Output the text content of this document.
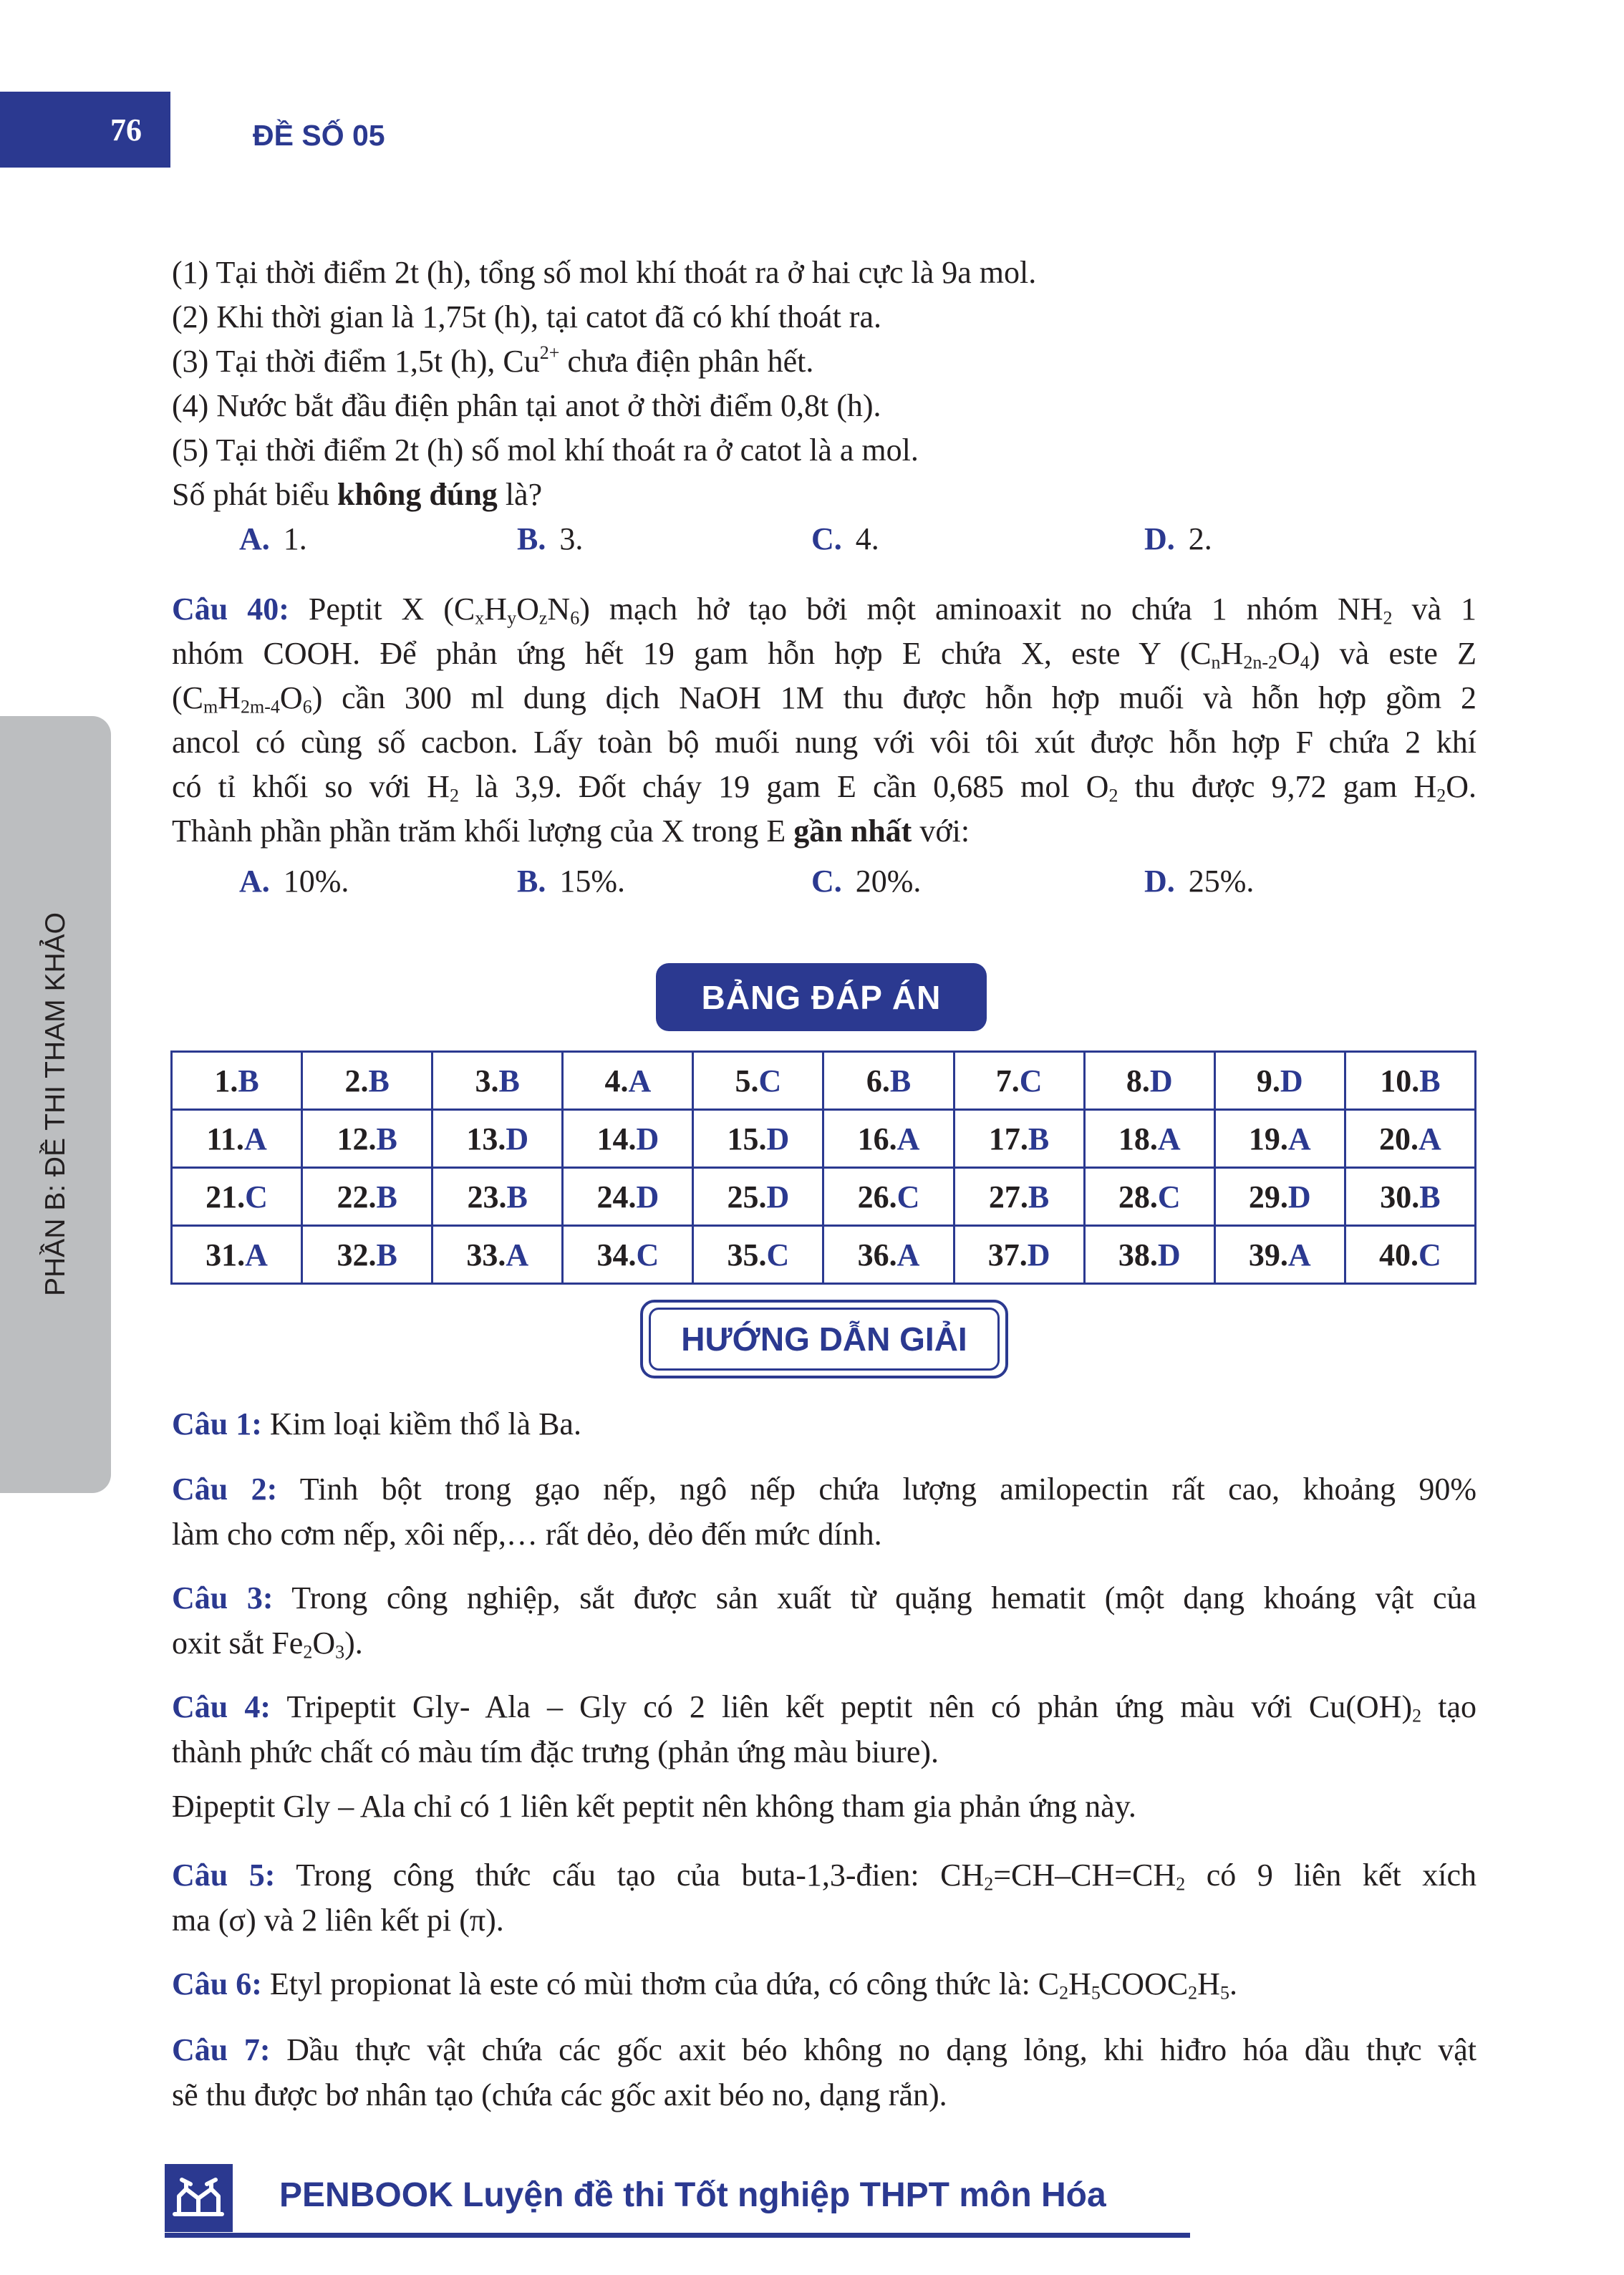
76	ĐỀ SỐ 05
PHẦN B: ĐỀ THI THAM KHẢO
(1) Tại thời điểm 2t (h), tổng số mol khí thoát ra ở hai cực là 9a mol.
(2) Khi thời gian là 1,75t (h), tại catot đã có khí thoát ra.
(3) Tại thời điểm 1,5t (h), $Cu^{2+}$ chưa điện phân hết.
(4) Nước bắt đầu điện phân tại anot ở thời điểm 0,8t (h).
(5) Tại thời điểm 2t (h) số mol khí thoát ra ở catot là a mol.
Số phát biểu không đúng là?
A. 1.	B. 3.	C. 4.	D. 2.
Câu 40: Peptit X $(C_xH_yO_zN_6)$ mạch hở tạo bởi một aminoaxit no chứa 1 nhóm $NH_2$ và 1
nhóm COOH. Để phản ứng hết 19 gam hỗn hợp E chứa X, este Y $(C_nH_{2n-2}O_4)$ và este Z
$(C_mH_{2m-4}O_6)$ cần 300 ml dung dịch NaOH 1M thu được hỗn hợp muối và hỗn hợp gồm 2
ancol có cùng số cacbon. Lấy toàn bộ muối nung với vôi tôi xút được hỗn hợp F chứa 2 khí
có tỉ khối so với $H_2$ là 3,9. Đốt cháy 19 gam E cần 0,685 mol $O_2$ thu được 9,72 gam $H_2O$.
Thành phần phần trăm khối lượng của X trong E gần nhất với:
A. 10%.	B. 15%.	C. 20%.	D. 25%.
BẢNG ĐÁP ÁN
1.B	2.B	3.B	4.A	5.C	6.B	7.C	8.D	9.D	10.B
11.A	12.B	13.D	14.D	15.D	16.A	17.B	18.A	19.A	20.A
21.C	22.B	23.B	24.D	25.D	26.C	27.B	28.C	29.D	30.B
31.A	32.B	33.A	34.C	35.C	36.A	37.D	38.D	39.A	40.C
HƯỚNG DẪN GIẢI
Câu 1: Kim loại kiềm thổ là Ba.
Câu 2: Tinh bột trong gạo nếp, ngô nếp chứa lượng amilopectin rất cao, khoảng 90%
làm cho cơm nếp, xôi nếp,… rất dẻo, dẻo đến mức dính.
Câu 3: Trong công nghiệp, sắt được sản xuất từ quặng hematit (một dạng khoáng vật của
oxit sắt $Fe_2O_3$).
Câu 4: Tripeptit Gly- Ala – Gly có 2 liên kết peptit nên có phản ứng màu với $Cu(OH)_2$ tạo
thành phức chất có màu tím đặc trưng (phản ứng màu biure).
Đipeptit Gly – Ala chỉ có 1 liên kết peptit nên không tham gia phản ứng này.
Câu 5: Trong công thức cấu tạo của buta-1,3-đien: $CH_2=CH-CH=CH_2$ có 9 liên kết xích
ma (σ) và 2 liên kết pi (π).
Câu 6: Etyl propionat là este có mùi thơm của dứa, có công thức là: $C_2H_5COOC_2H_5$.
Câu 7: Dầu thực vật chứa các gốc axit béo không no dạng lỏng, khi hiđro hóa dầu thực vật
sẽ thu được bơ nhân tạo (chứa các gốc axit béo no, dạng rắn).
PENBOOK Luyện đề thi Tốt nghiệp THPT môn Hóa
